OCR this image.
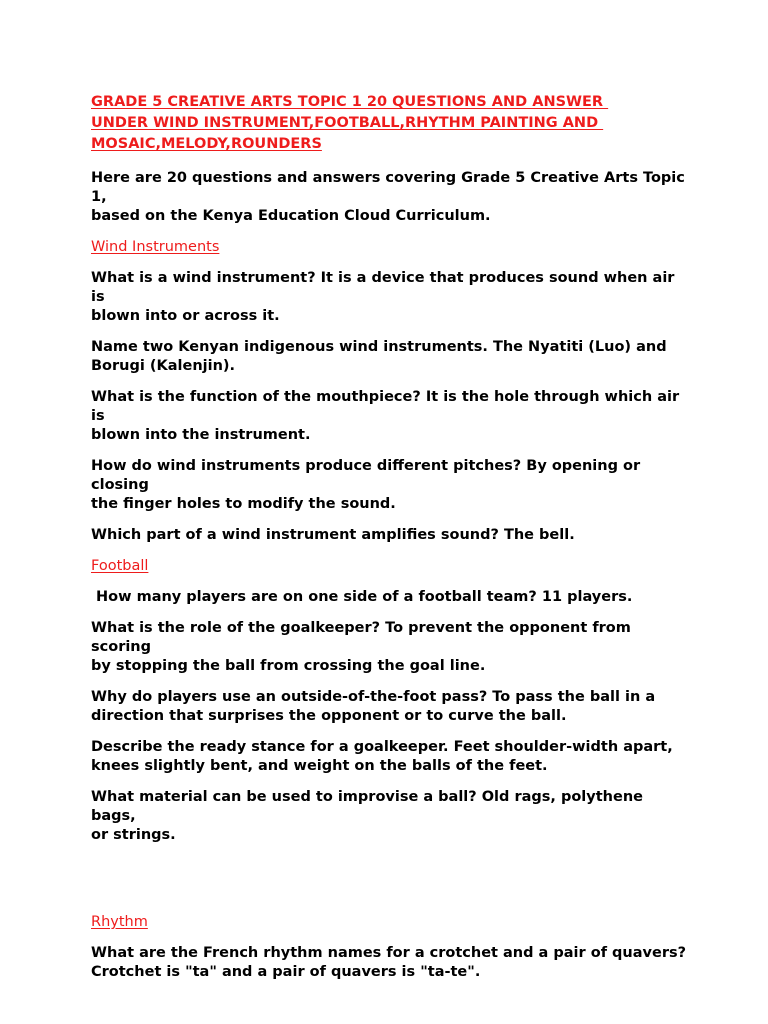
GRADE 5 CREATIVE ARTS TOPIC 1 20 QUESTIONS AND ANSWER
UNDER WIND INSTRUMENT,FOOTBALL,RHYTHM PAINTING AND
MOSAIC,MELODY,ROUNDERS

Here are 20 questions and answers covering Grade 5 Creative Arts Topic 1,
based on the Kenya Education Cloud Curriculum.

Wind Instruments

What is a wind instrument? It is a device that produces sound when air is
blown into or across it.

Name two Kenyan indigenous wind instruments. The Nyatiti (Luo) and
Borugi (Kalenjin).

What is the function of the mouthpiece? It is the hole through which air is
blown into the instrument.

How do wind instruments produce different pitches? By opening or closing
the finger holes to modify the sound.

Which part of a wind instrument amplifies sound? The bell.

Football

How many players are on one side of a football team? 11 players.

What is the role of the goalkeeper? To prevent the opponent from scoring
by stopping the ball from crossing the goal line.

Why do players use an outside-of-the-foot pass? To pass the ball in a
direction that surprises the opponent or to curve the ball.

Describe the ready stance for a goalkeeper. Feet shoulder-width apart,
knees slightly bent, and weight on the balls of the feet.

What material can be used to improvise a ball? Old rags, polythene bags,
or strings.

Rhythm

What are the French rhythm names for a crotchet and a pair of quavers?
Crotchet is "ta" and a pair of quavers is "ta-te".
